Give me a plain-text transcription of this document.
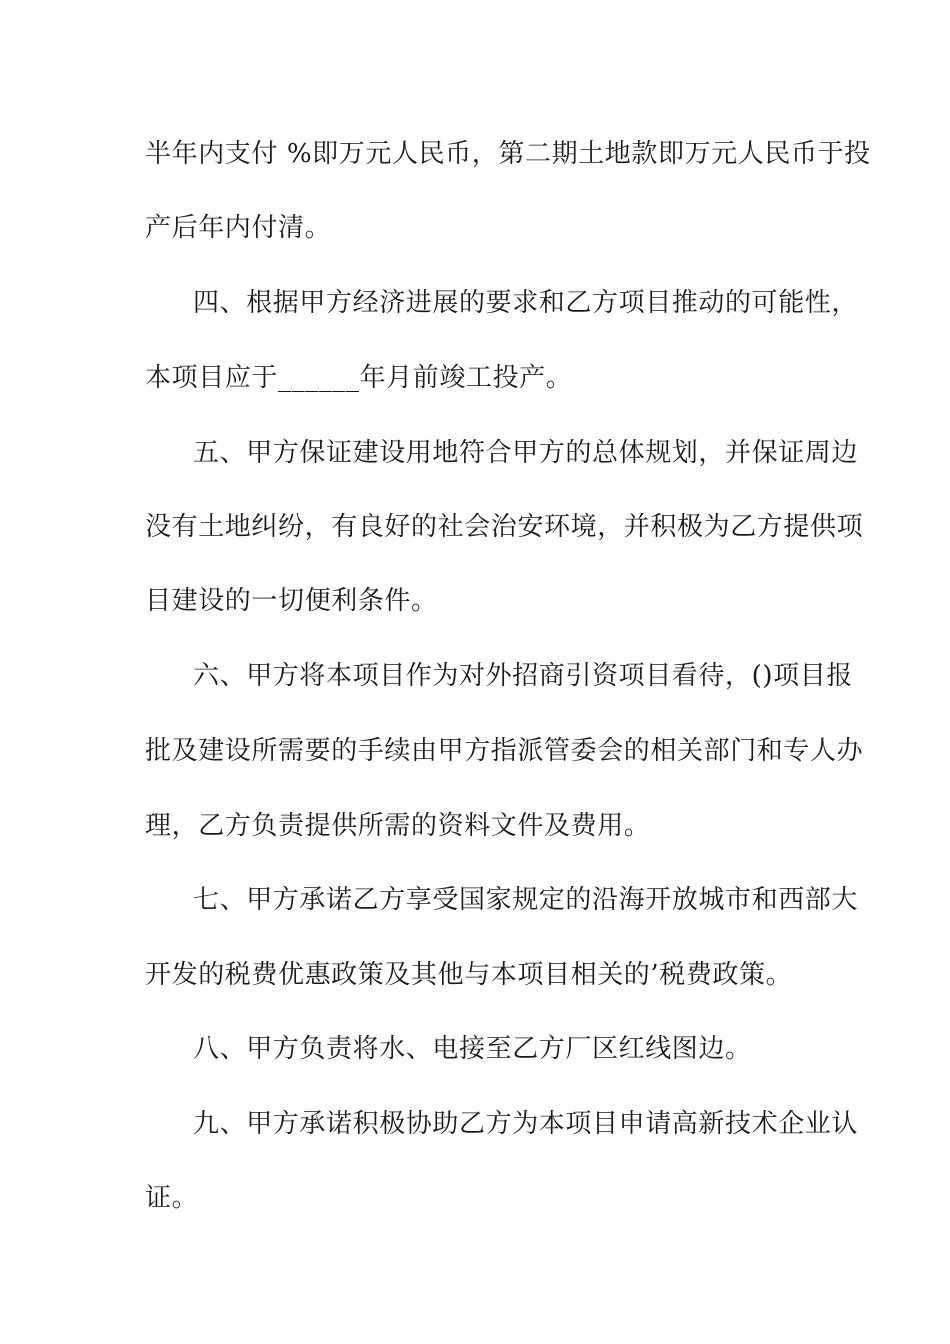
半年内支付 %即万元人民币，第二期土地款即万元人民币于投
产后年内付清。
四、根据甲方经济进展的要求和乙方项目推动的可能性，
本项目应于______年月前竣工投产。
五、甲方保证建设用地符合甲方的总体规划，并保证周边
没有土地纠纷，有良好的社会治安环境，并积极为乙方提供项
目建设的一切便利条件。
六、甲方将本项目作为对外招商引资项目看待，()项目报
批及建设所需要的手续由甲方指派管委会的相关部门和专人办
理，乙方负责提供所需的资料文件及费用。
七、甲方承诺乙方享受国家规定的沿海开放城市和西部大
开发的税费优惠政策及其他与本项目相关的’税费政策。
八、甲方负责将水、电接至乙方厂区红线图边。
九、甲方承诺积极协助乙方为本项目申请高新技术企业认
证。
